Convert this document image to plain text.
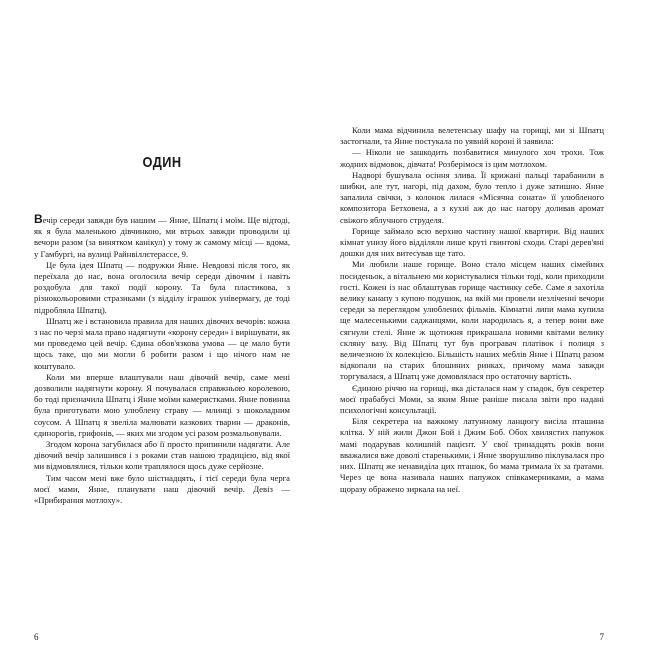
ОДИН

Вечір середи завжди був нашим — Янне, Шпатц і моїм. Ще відтоді, як я була маленькою дівчинкою, ми втрьох завжди проводили ці вечори разом (за винятком канікул) у тому ж самому місці — вдома, у Гамбургі, на вулиці Райнвіллєтерассе, 9.

Це була ідея Шпатц — подружки Янне. Невдовзі після того, як переїхала до нас, вона оголосила вечір середи дівочим і навіть роздобула для такої події корону. Та була пластикова, з різнокольоровими стразиками (з відділу іграшок універмагу, де тоді підробляла Шпатц).

Шпатц же і встановила правила для наших дівочих вечорів: кожна з нас по черзі мала право надягнути «корону середи» і вирішувати, як ми проведемо цей вечір. Єдина обов'язкова умова — це мало бути щось таке, що ми могли б робити разом і що нічого нам не коштувало.

Коли ми вперше влаштували наш дівочий вечір, саме мені дозволили надягнути корону. Я почувалася справжньою королевою, бо тоді призначила Шпатц і Янне моїми камеристками. Янне повинна була приготувати мою улюблену страву — млинці з шоколадним соусом. А Шпатц я звеліла малювати казкових тварин — драконів, єдинорогів, грифонів, — яких ми згодом усі разом розмальовували.

Згодом корона загубилася або її просто припинили надягати. Але дівочий вечір залишився і з роками став нашою традицією, від якої ми відмовлялися, тільки коли траплялося щось дуже серйозне.

Тим часом мені вже було шістнадцять, і тієї середи була черга моєї мами, Янне, планувати наш дівочий вечір. Девіз — «Прибирання мотлоху».

6

Коли мама відчинила велетенську шафу на горищі, ми зі Шпатц застогнали, та Янне постукала по уявній короні й заявила:

— Ніколи не зашкодить позбавитися минулого хоч трохи. Тож жодних відмовок, дівчата! Розберімося із цим мотлохом.

Надворі бушувала осіння злива. Її крижані пальці тарабанили в шибки, але тут, нагорі, під дахом, було тепло і дуже затишно. Янне запалила свічки, з колонок лилася «Місячна соната» її улюбленого композитора Бетховена, а з кухні аж до нас нагору доливав аромат свіжого яблучного струделя.

Горище займало всю верхню частину нашої квартири. Від наших кімнат унизу його відділяли лише круті гвинтові сходи. Старі дерев'яні дошки для них витесував ще тато.

Ми любили наше горище. Воно стало місцем наших сімейних посиденьок, а вітальнею ми користувалися тільки тоді, коли приходили гості. Кожен із нас облаштував горище частинку себе. Саме я захотіла велику канапу з купою подушок, на якій ми провели незліченні вечори середи за переглядом улюблених фільмів. Кімнатні липи мама купила ще малесенькими саджанцями, коли народилась я, а тепер вони вже сягнули стелі. Янне ж щотижня прикрашала новими квітами велику скляну вазу. Від Шпатц тут був програвач платівок і полиця з величезною їх колекцією. Більшість наших меблів Янне і Шпатц разом відкопали на старих блошиних ринках, причому мама завжди торгувалася, а Шпатц уже домовлялася про остаточну вартість.

Єдиною річчю на горищі, яка дісталася нам у спадок, був секретер моєї прабабусі Моми, за яким Янне раніше писала звіти про надані психологічні консультації.

Біля секретера на важкому латунному ланцюгу висіла пташина клітка. У ній жили Джон Бой і Джим Боб. Обох хвилястих папужок мамі подарував колишній пацієнт. У свої тринадцять років вони вважалися вже доволі старенькими, і Янне зворушливо піклувалася про них. Шпатц же ненавиділа цих пташок, бо мама тримала їх за ґратами. Через це вона називала наших папужок співкамерниками, а мама щоразу ображено зиркала на неї.

7
